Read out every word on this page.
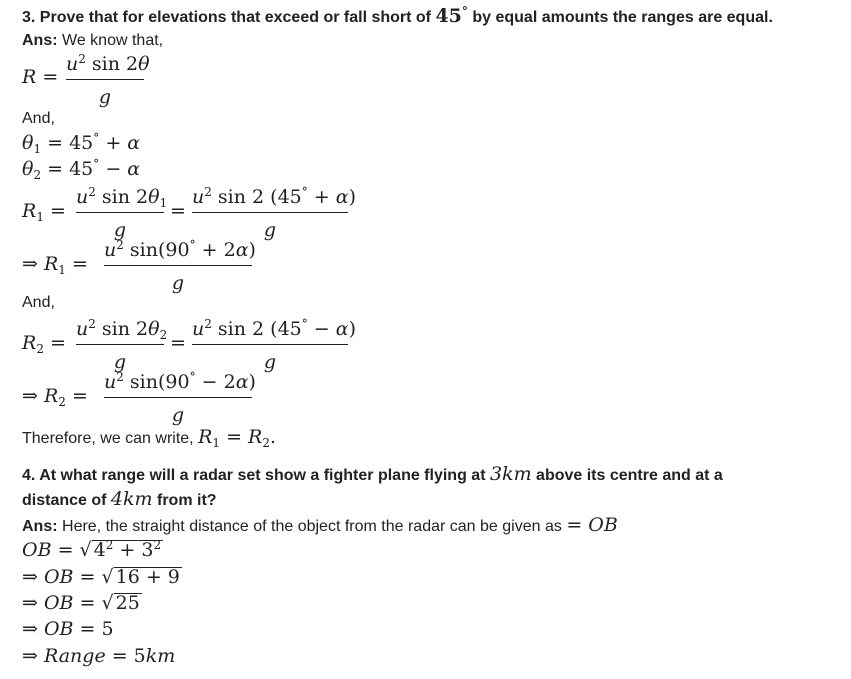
3. Prove that for elevations that exceed or fall short of 45° by equal amounts the ranges are equal.
Ans: We know that,
R =
$u^2$ sin 2θ
g
And,
$\theta_1 = 45^\circ + \alpha$
$\theta_2 = 45^\circ - \alpha$
$R_1$ =
$u^2$ $\sin 2\theta_1$
g
=
$u^2$ sin 2 (45° + α)
g
⇒ $R_1$ =
$u^2$ sin(90° + 2α)
g
And,
$R_2$ =
$u^2$ $\sin 2\theta_2$
g
=
$u^2$ sin 2 (45° − α)
g
⇒ $R_2$ =
$u^2$ sin(90° − 2α)
g
Therefore, we can write, $R_1 = R_2$.
4. At what range will a radar set show a fighter plane flying at 3km above its centre and at a
distance of 4km from it?
Ans: Here, the straight distance of the object from the radar can be given as = OB
OB = √ $4^2 + 3^2$
⇒ OB = √ 16 + 9
⇒ OB = √ 25
⇒ OB = 5
⇒ Range = 5km
